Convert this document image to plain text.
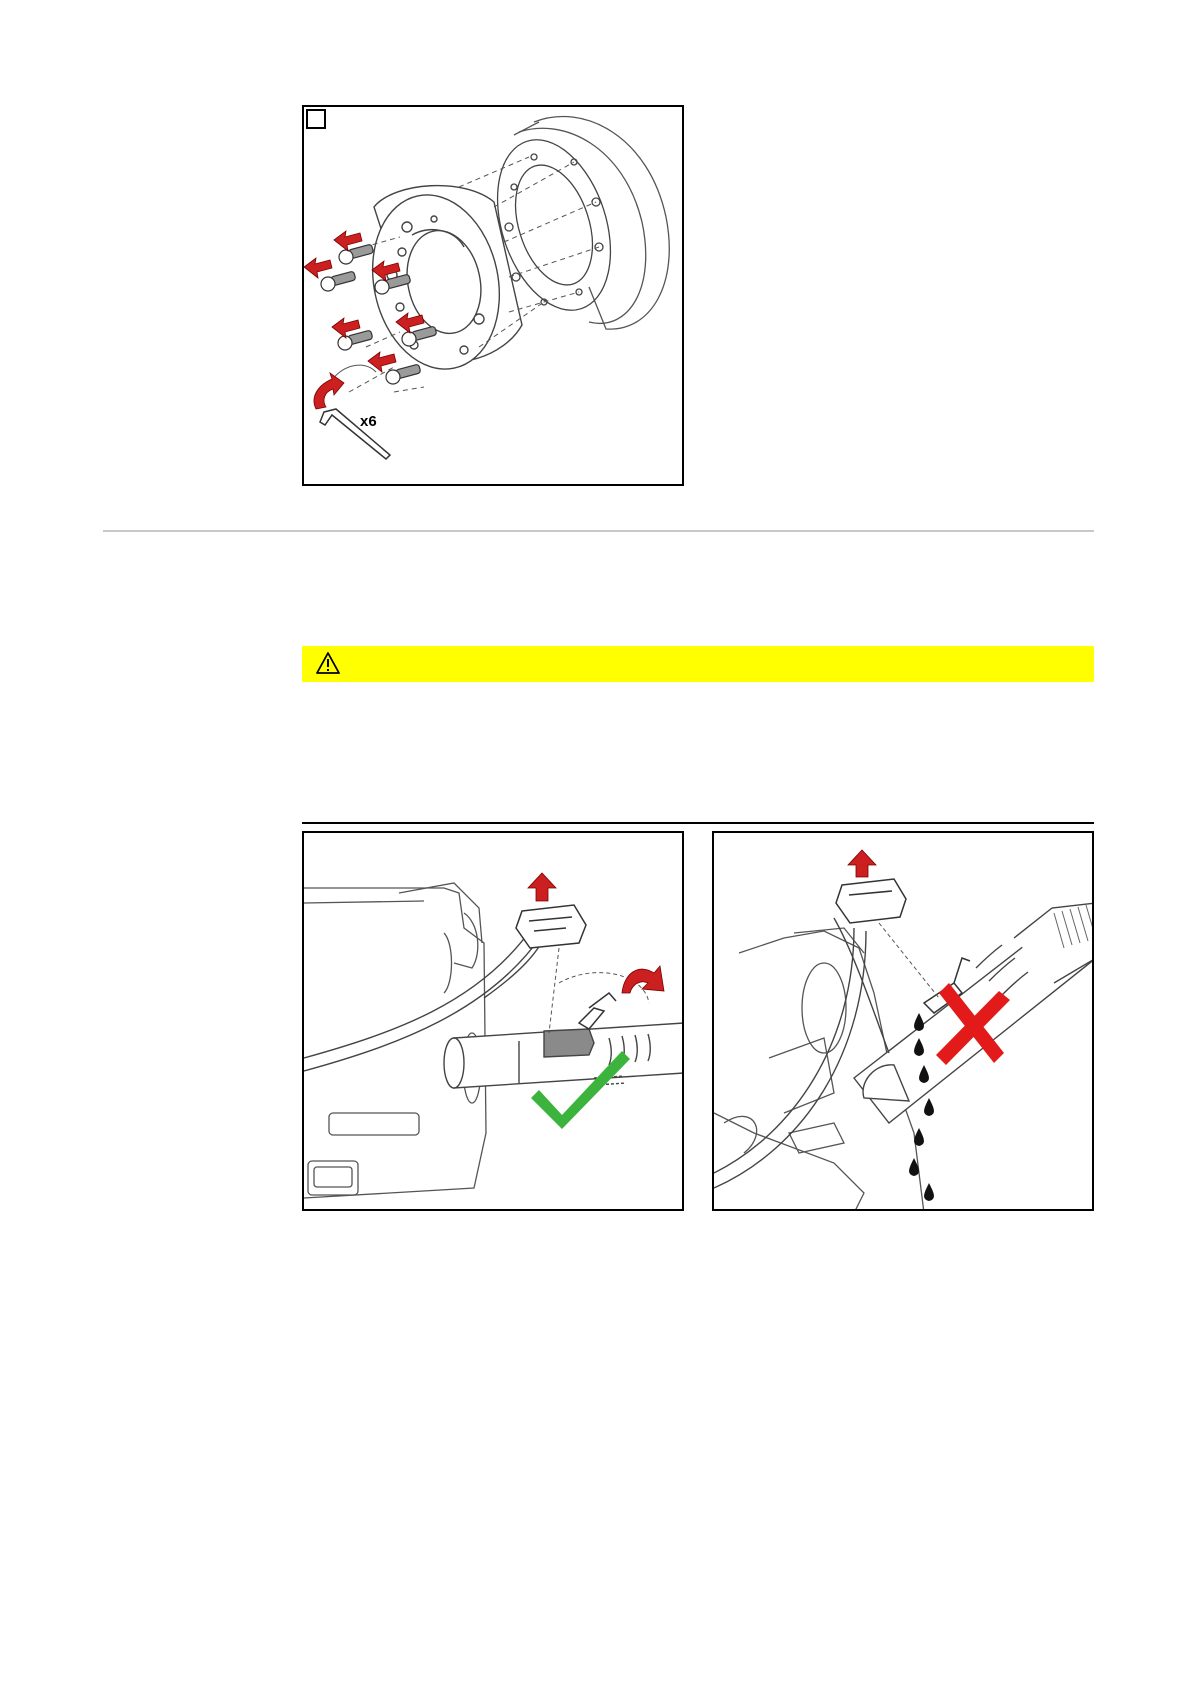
x6
